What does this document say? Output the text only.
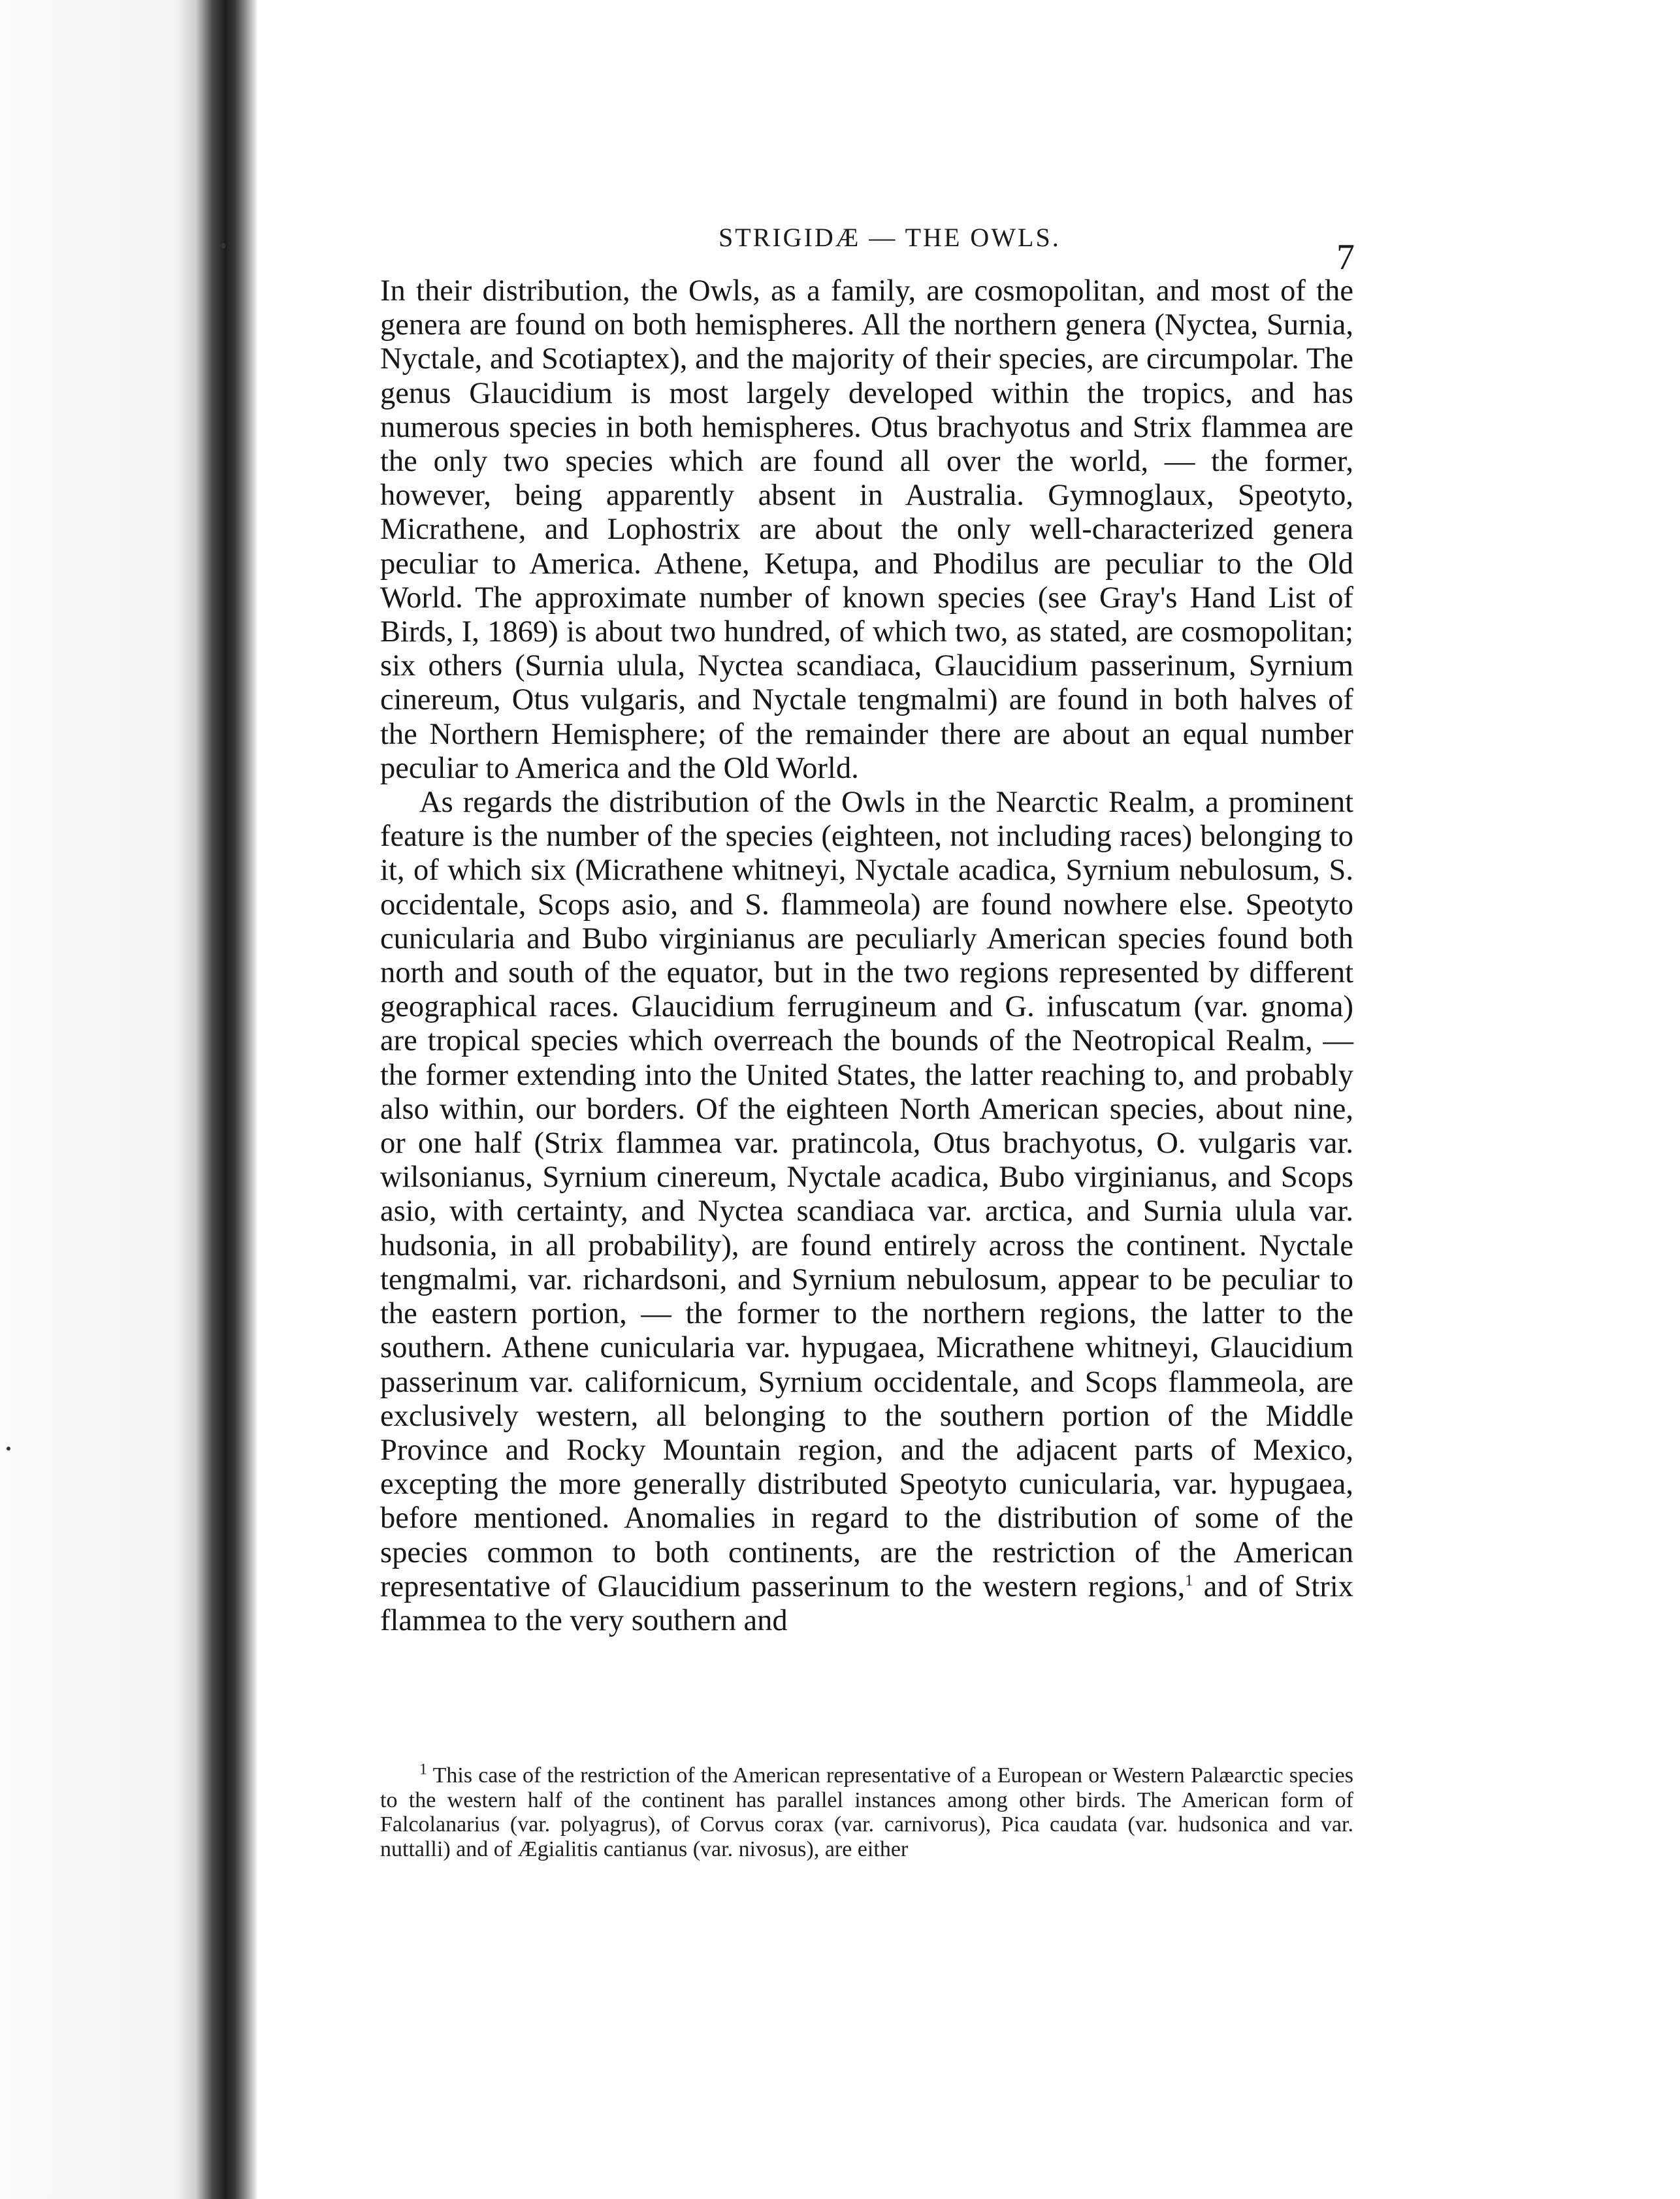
STRIGIDÆ — THE OWLS.	7

In their distribution, the Owls, as a family, are cosmopolitan, and most of the genera are found on both hemispheres. All the northern genera (Nyctea, Surnia, Nyctale, and Scotiaptex), and the majority of their species, are circumpolar. The genus Glaucidium is most largely developed within the tropics, and has numerous species in both hemispheres. Otus brachyotus and Strix flammea are the only two species which are found all over the world, — the former, however, being apparently absent in Australia. Gymnoglaux, Speotyto, Micrathene, and Lophostrix are about the only well-characterized genera peculiar to America. Athene, Ketupa, and Phodilus are peculiar to the Old World. The approximate number of known species (see Gray's Hand List of Birds, I, 1869) is about two hundred, of which two, as stated, are cosmopolitan; six others (Surnia ulula, Nyctea scandiaca, Glaucidium passerinum, Syrnium cinereum, Otus vulgaris, and Nyctale tengmalmi) are found in both halves of the Northern Hemisphere; of the remainder there are about an equal number peculiar to America and the Old World.

As regards the distribution of the Owls in the Nearctic Realm, a prominent feature is the number of the species (eighteen, not including races) belonging to it, of which six (Micrathene whitneyi, Nyctale acadica, Syrnium nebulosum, S. occidentale, Scops asio, and S. flammeola) are found nowhere else. Speotyto cunicularia and Bubo virginianus are peculiarly American species found both north and south of the equator, but in the two regions represented by different geographical races. Glaucidium ferrugineum and G. infuscatum (var. gnoma) are tropical species which overreach the bounds of the Neotropical Realm, — the former extending into the United States, the latter reaching to, and probably also within, our borders. Of the eighteen North American species, about nine, or one half (Strix flammea var. pratincola, Otus brachyotus, O. vulgaris var. wilsonianus, Syrnium cinereum, Nyctale acadica, Bubo virginianus, and Scops asio, with certainty, and Nyctea scandiaca var. arctica, and Surnia ulula var. hudsonia, in all probability), are found entirely across the continent. Nyctale tengmalmi, var. richardsoni, and Syrnium nebulosum, appear to be peculiar to the eastern portion, — the former to the northern regions, the latter to the southern. Athene cunicularia var. hypugaea, Micrathene whitneyi, Glaucidium passerinum var. californicum, Syrnium occidentale, and Scops flammeola, are exclusively western, all belonging to the southern portion of the Middle Province and Rocky Mountain region, and the adjacent parts of Mexico, excepting the more generally distributed Speotyto cunicularia, var. hypugaea, before mentioned. Anomalies in regard to the distribution of some of the species common to both continents, are the restriction of the American representative of Glaucidium passerinum to the western regions,$^1$ and of Strix flammea to the very southern and

$^1$ This case of the restriction of the American representative of a European or Western Palæarctic species to the western half of the continent has parallel instances among other birds. The American form of Falcolanarius (var. polyagrus), of Corvus corax (var. carnivorus), Pica caudata (var. hudsonica and var. nuttalli) and of Ægialitis cantianus (var. nivosus), are either
